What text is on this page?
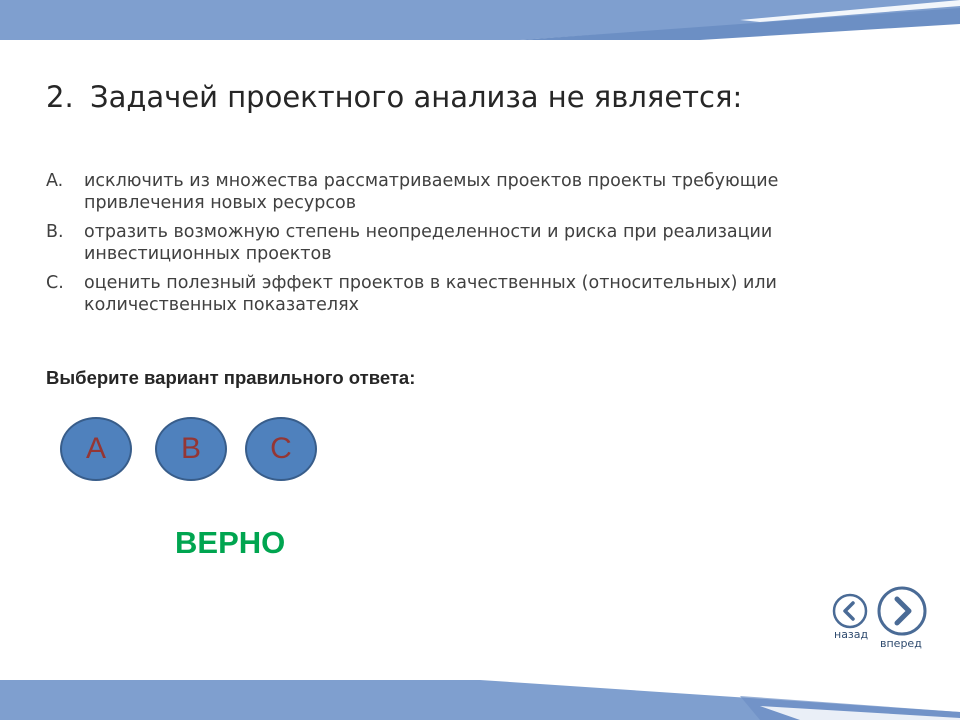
2. Задачей проектного анализа не является:
A. исключить из множества рассматриваемых проектов проекты требующие
привлечения новых ресурсов
B. отразить возможную степень неопределенности и риска при реализации
инвестиционных проектов
C. оценить полезный эффект проектов в качественных (относительных) или
количественных показателях
Выберите вариант правильного ответа:
A	B	C
ВЕРНО
назад
вперед
